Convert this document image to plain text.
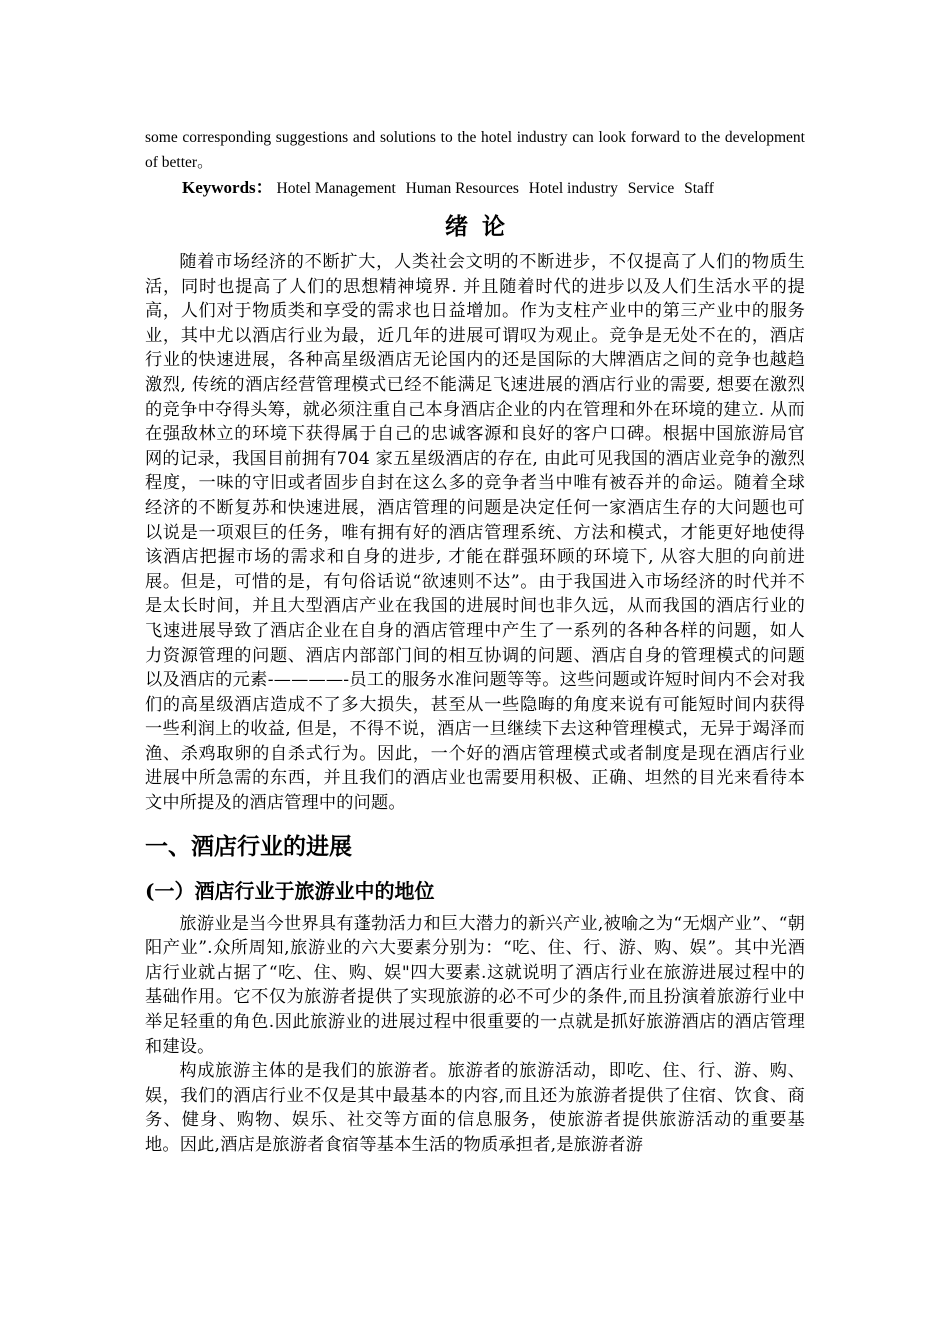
some corresponding suggestions and solutions to the hotel industry can look forward to the development of better。

Keywords： Hotel Management Human Resources Hotel industry Service Staff

绪论

随着市场经济的不断扩大，人类社会文明的不断进步，不仅提高了人们的物质生活，同时也提高了人们的思想精神境界. 并且随着时代的进步以及人们生活水平的提高，人们对于物质类和享受的需求也日益增加。作为支柱产业中的第三产业中的服务业，其中尤以酒店行业为最，近几年的进展可谓叹为观止。竞争是无处不在的，酒店行业的快速进展，各种高星级酒店无论国内的还是国际的大牌酒店之间的竞争也越趋激烈, 传统的酒店经营管理模式已经不能满足飞速进展的酒店行业的需要, 想要在激烈的竞争中夺得头筹，就必须注重自己本身酒店企业的内在管理和外在环境的建立. 从而在强敌林立的环境下获得属于自己的忠诚客源和良好的客户口碑。根据中国旅游局官网的记录，我国目前拥有704 家五星级酒店的存在, 由此可见我国的酒店业竞争的激烈程度，一味的守旧或者固步自封在这么多的竞争者当中唯有被吞并的命运。随着全球经济的不断复苏和快速进展，酒店管理的问题是决定任何一家酒店生存的大问题也可以说是一项艰巨的任务，唯有拥有好的酒店管理系统、方法和模式，才能更好地使得该酒店把握市场的需求和自身的进步, 才能在群强环顾的环境下, 从容大胆的向前进展。但是，可惜的是，有句俗话说“欲速则不达”。由于我国进入市场经济的时代并不是太长时间，并且大型酒店产业在我国的进展时间也非久远，从而我国的酒店行业的飞速进展导致了酒店企业在自身的酒店管理中产生了一系列的各种各样的问题，如人力资源管理的问题、酒店内部部门间的相互协调的问题、酒店自身的管理模式的问题以及酒店的元素-————-员工的服务水准问题等等。这些问题或许短时间内不会对我们的高星级酒店造成不了多大损失，甚至从一些隐晦的角度来说有可能短时间内获得一些利润上的收益, 但是，不得不说，酒店一旦继续下去这种管理模式，无异于竭泽而渔、杀鸡取卵的自杀式行为。因此，一个好的酒店管理模式或者制度是现在酒店行业进展中所急需的东西，并且我们的酒店业也需要用积极、正确、坦然的目光来看待本文中所提及的酒店管理中的问题。

一、酒店行业的进展
(一）酒店行业于旅游业中的地位

旅游业是当今世界具有蓬勃活力和巨大潜力的新兴产业,被喻之为“无烟产业”、“朝阳产业”.众所周知,旅游业的六大要素分别为：“吃、住、行、游、购、娱”。其中光酒店行业就占据了“吃、住、购、娱"四大要素.这就说明了酒店行业在旅游进展过程中的基础作用。它不仅为旅游者提供了实现旅游的必不可少的条件,而且扮演着旅游行业中举足轻重的角色.因此旅游业的进展过程中很重要的一点就是抓好旅游酒店的酒店管理和建设。

构成旅游主体的是我们的旅游者。旅游者的旅游活动，即吃、住、行、游、购、娱，我们的酒店行业不仅是其中最基本的内容,而且还为旅游者提供了住宿、饮食、商务、健身、购物、娱乐、社交等方面的信息服务，使旅游者提供旅游活动的重要基地。因此,酒店是旅游者食宿等基本生活的物质承担者,是旅游者游
